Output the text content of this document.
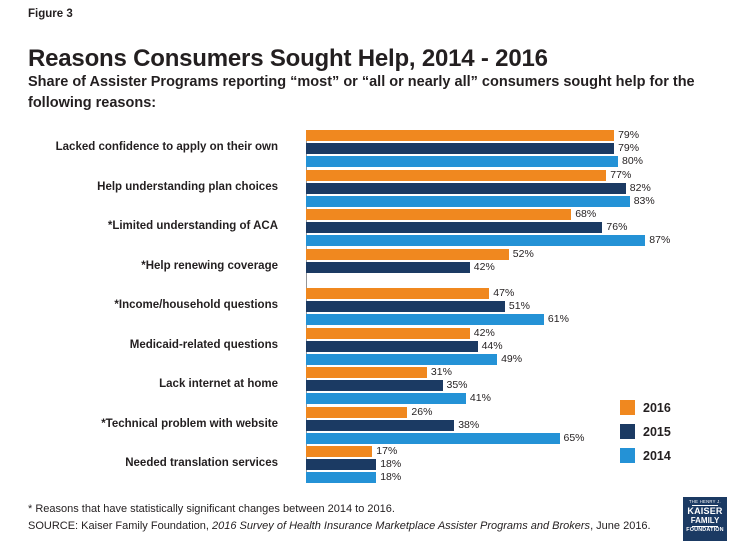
Figure 3
Reasons Consumers Sought Help, 2014 - 2016
Share of Assister Programs reporting “most” or “all or nearly all” consumers sought help for the following reasons:
Lacked confidence to apply on their own
79%
79%
80%
Help understanding plan choices
77%
82%
83%
*Limited understanding of ACA
68%
76%
87%
*Help renewing coverage
52%
42%
*Income/household questions
47%
51%
61%
Medicaid-related questions
42%
44%
49%
Lack internet at home
31%
35%
41%
*Technical problem with website
26%
38%
65%
Needed translation services
17%
18%
18%
2016
2015
2014
* Reasons that have statistically significant changes between 2014 to 2016.
SOURCE: Kaiser Family Foundation, 2016 Survey of Health Insurance Marketplace Assister Programs and Brokers, June 2016.
THE HENRY J.
KAISER
FAMILY
FOUNDATION
